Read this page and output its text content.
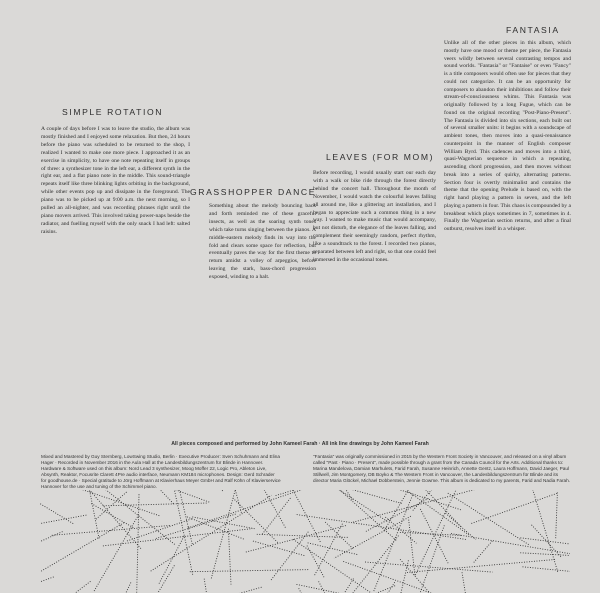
SIMPLE ROTATION

A couple of days before I was to leave the studio, the album was mostly finished and I enjoyed some relaxation. But then, 24 hours before the piano was scheduled to be returned to the shop, I realized I wanted to make one more piece. I approached it as an exercise in simplicity, to have one note repeating itself in groups of three: a synthesizer tone in the left ear, a different synth in the right ear, and a flat piano note in the middle. This sound-triangle repeats itself like three blinking lights orbiting in the background, while other events pop up and dissipate in the foreground. The piano was to be picked up at 9:00 a.m. the next morning, so I pulled an all-nighter, and was recording phrases right until the piano movers arrived. This involved taking power-naps beside the radiator, and fuelling myself with the only snack I had left: salted raisins.

GRASSHOPPER DANCE

Something about the melody bouncing back and forth reminded me of these graceful insects, as well as the soaring synth tones which take turns singing between the pianos. A middle-eastern melody finds its way into the fold and clears some space for reflection, but eventually paves the way for the first theme to return amidst a volley of arpeggios, before leaving the stark, bass-chord progression exposed, winding to a halt.

LEAVES (FOR MOM)

Before recording, I would usually start our each day with a walk or bike ride through the forest directly behind the concert hall. Throughout the month of November, I would watch the colourful leaves falling all around me, like a glittering art installation, and I began to appreciate such a common thing in a new way. I wanted to make music that would accompany, but not disturb, the elegance of the leaves falling, and complement their seemingly random, perfect rhythm, like a soundtrack to the forest. I recorded two pianos, separated between left and right, so that one could feel immersed in the occasional tones.

FANTASIA

Unlike all of the other pieces in this album, which mostly have one mood or theme per piece, the Fantasia veers wildly between several contrasting tempos and sound worlds. "Fantasia" or "Fantaise" or even "Fancy" is a title composers would often use for pieces that they could not categorize. It can be an opportunity for composers to abandon their inhibitions and follow their stream-of-consciousness whims. This Fantasia was originally followed by a long Fugue, which can be found on the original recording "Post-Piano-Present". The Fantasia is divided into six sections, each built out of several smaller units: it begins with a soundscape of ambient tones, then moves into a quasi-renaissance counterpoint in the manner of English composer William Byrd. This cadences and moves into a third, quasi-Wagnerian sequence in which a repeating, ascending chord progression, and then moves without break into a series of quirky, alternating patterns. Section four is overtly minimalist and contains the theme that the opening Prelude is based on, with the right hand playing a pattern in seven, and the left playing a pattern in four. This chaos is compounded by a breakbeat which plays sometimes in 7, sometimes in 4. Finally the Wagnerian section returns, and after a final outburst, resolves itself in a whisper.

All pieces composed and performed by John Kameel Farah · All ink line drawings by John Kameel Farah
Mixed and Mastered by Guy Sternberg, LowSwing Studio, Berlin · Executive Producer: Sven Schuhmann and Elina Hager · Recorded in November 2016 in the Aula Hall at the Landesbildungszentrum für Blinde in Hannover. Hardware & Software used on this album: Nord Lead 3 synthesizer, Moog Moffer 22, Logic Pro, Ableton Live, Absynth, Reaktor, Focusrite Clarett 4Pre audio interface, Neumann KM184 microphones. Design: Gerd Schrader for goodhouse.de · Special gratitude to Jörg Hoffmann at Klavierhaus Meyer GmbH and Ralf Köhn of Klavierservice Hannover for the use and tuning of the Schimmel piano.
"Fantasia" was originally commissioned in 2015 by the Western Front Society in Vancouver, and released on a vinyl album called "Past · Piano · Present", made possible through a grant from the Canada Council for the Arts. Additional thanks to: Marina Mandelova, Damian Marhulets, Farid Farah, Susanne Heinrich, Annette Gentz, Laura Hoffmann, David Jaeger, Paul Stillwell, Jim Montgomery, DB Boyko & The Western Front in Vancouver, the Landesbildungszentrum für Blinde and its director Maria Glöckel, Michael Dobberstein, Jennie Gowme. This album is dedicated to my parents, Farid and Nadia Farah.
